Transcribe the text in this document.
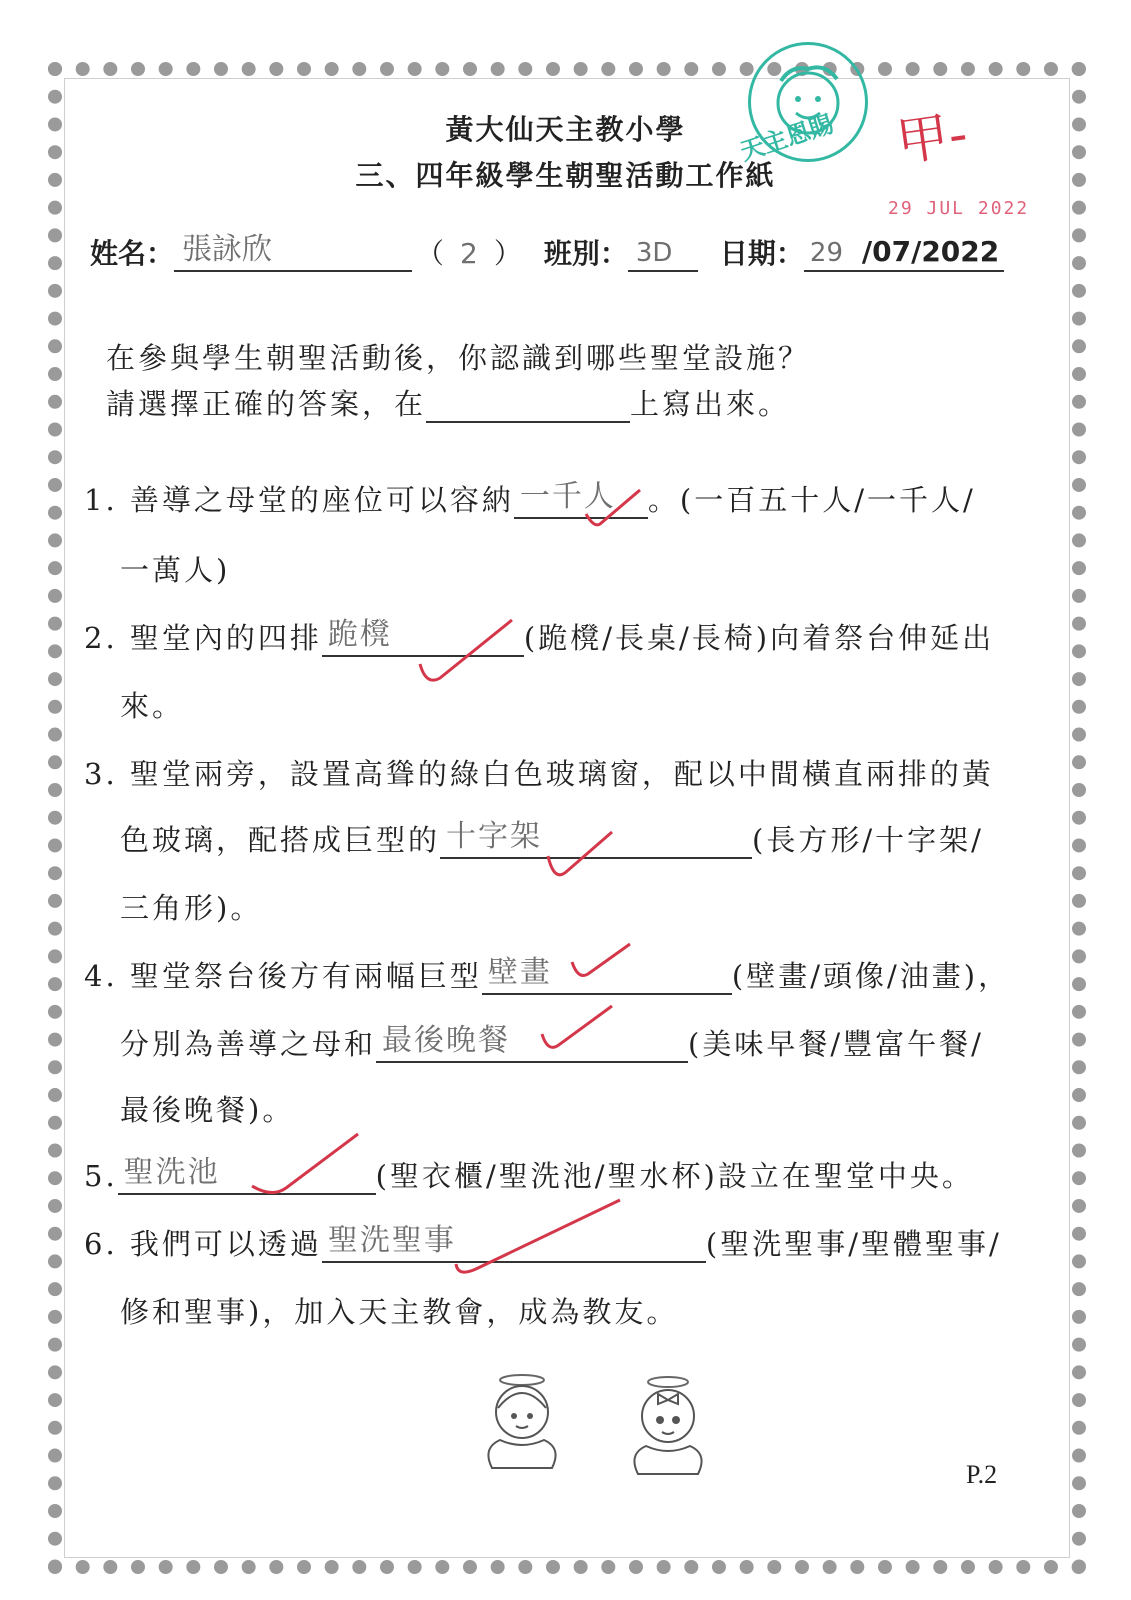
天主恩賜 甲-
29 JUL 2022
黃大仙天主教小學
三、四年級學生朝聖活動工作紙
姓名： 張詠欣	（ 2 ） 班別： 3D 日期： 29 /07/2022
在參與學生朝聖活動後，你認識到哪些聖堂設施？
請選擇正確的答案，在	上寫出來。
1. 善導之母堂的座位可以容納 一千人 。(一百五十人/一千人/
一萬人)
2. 聖堂內的四排 跪櫈	(跪櫈/長桌/長椅)向着祭台伸延出
來。
3. 聖堂兩旁，設置高聳的綠白色玻璃窗，配以中間橫直兩排的黃
色玻璃，配搭成巨型的 十字架	(長方形/十字架/
三角形)。
4. 聖堂祭台後方有兩幅巨型 壁畫	(壁畫/頭像/油畫)，
分別為善導之母和 最後晚餐	(美味早餐/豐富午餐/
最後晚餐)。
5. 聖洗池	(聖衣櫃/聖洗池/聖水杯)設立在聖堂中央。
6. 我們可以透過 聖洗聖事	(聖洗聖事/聖體聖事/
修和聖事)，加入天主教會，成為教友。
P.2
